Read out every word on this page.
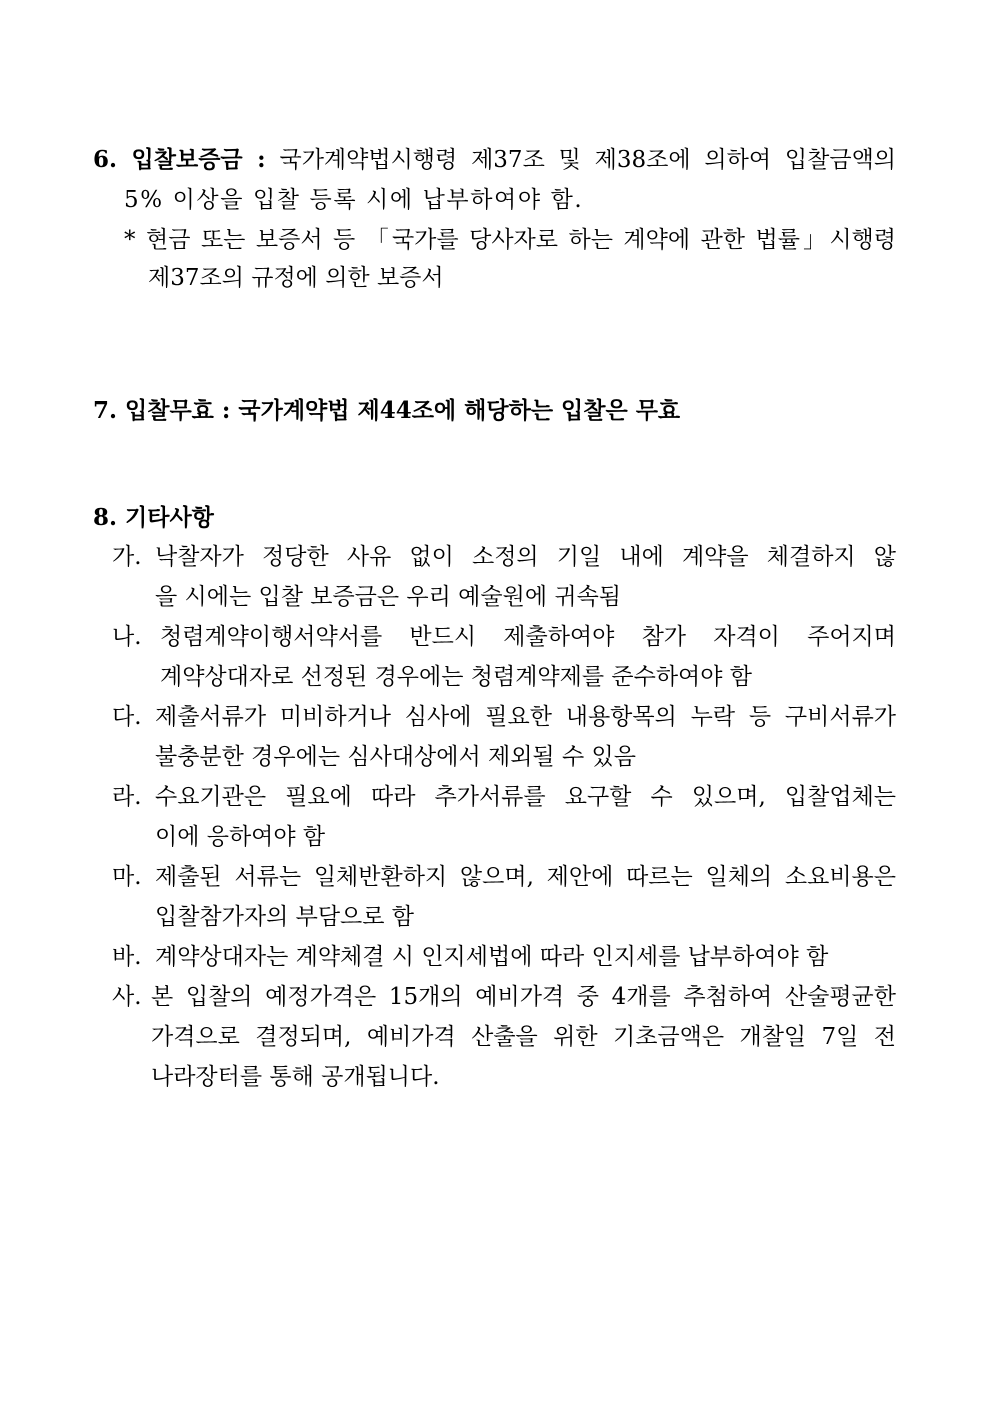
6. 입찰보증금 : 국가계약법시행령 제37조 및 제38조에 의하여 입찰금액의
5% 이상을 입찰 등록 시에 납부하여야 함.
* 현금 또는 보증서 등 「국가를 당사자로 하는 계약에 관한 법률」시행령
제37조의 규정에 의한 보증서
7. 입찰무효 : 국가계약법 제44조에 해당하는 입찰은 무효
8. 기타사항
가. 낙찰자가 정당한 사유 없이 소정의 기일 내에 계약을 체결하지 않
을 시에는 입찰 보증금은 우리 예술원에 귀속됨
나. 청렴계약이행서약서를 반드시 제출하여야 참가 자격이 주어지며
계약상대자로 선정된 경우에는 청렴계약제를 준수하여야 함
다. 제출서류가 미비하거나 심사에 필요한 내용항목의 누락 등 구비서류가
불충분한 경우에는 심사대상에서 제외될 수 있음
라. 수요기관은 필요에 따라 추가서류를 요구할 수 있으며, 입찰업체는
이에 응하여야 함
마. 제출된 서류는 일체반환하지 않으며, 제안에 따르는 일체의 소요비용은
입찰참가자의 부담으로 함
바. 계약상대자는 계약체결 시 인지세법에 따라 인지세를 납부하여야 함
사. 본 입찰의 예정가격은 15개의 예비가격 중 4개를 추첨하여 산술평균한
가격으로 결정되며, 예비가격 산출을 위한 기초금액은 개찰일 7일 전
나라장터를 통해 공개됩니다.
